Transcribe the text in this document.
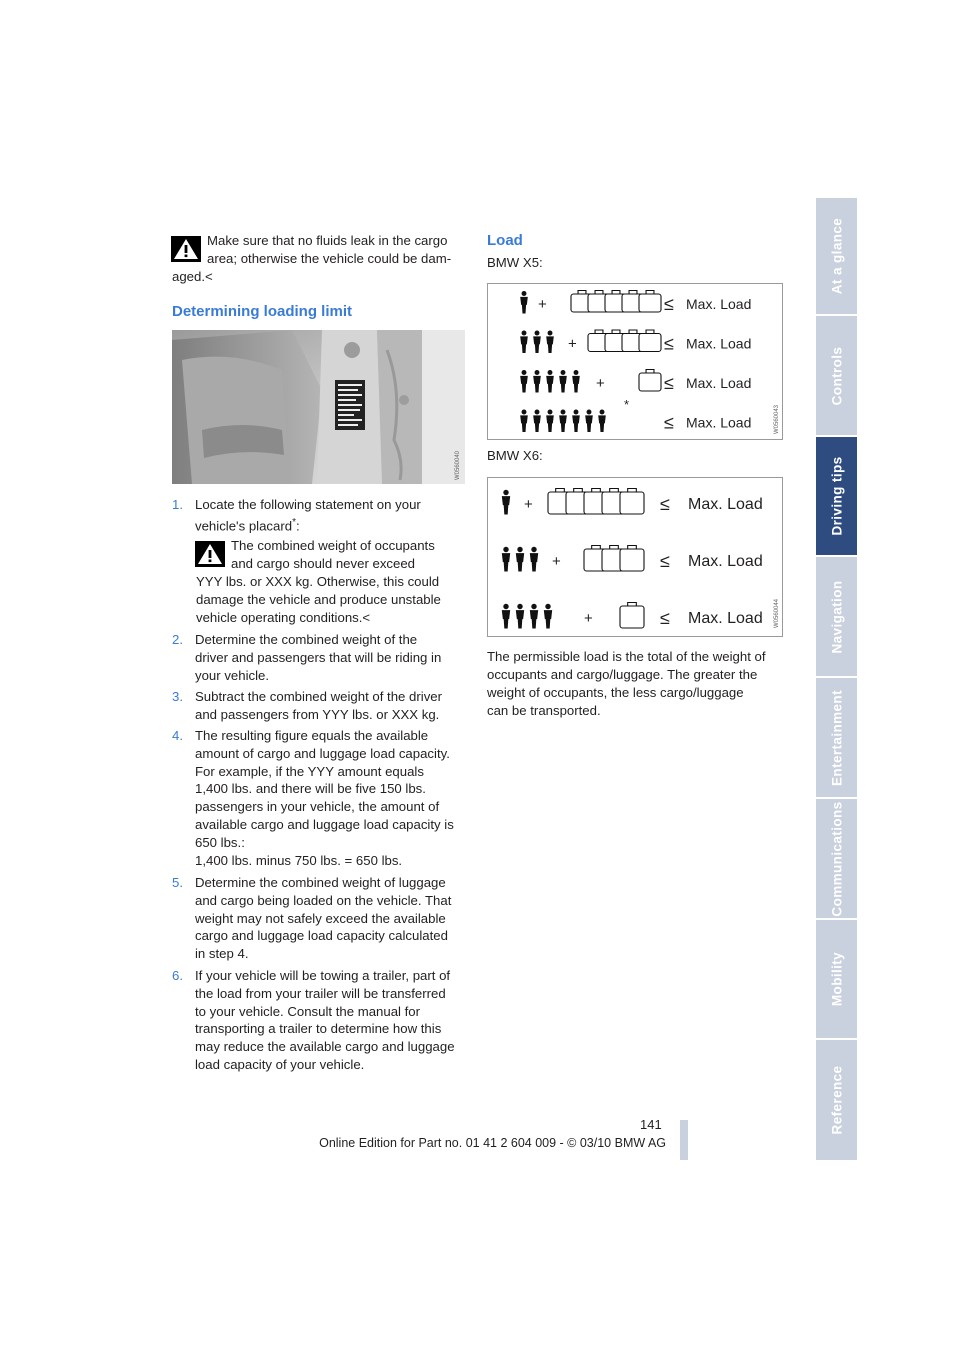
Make sure that no fluids leak in the cargo
area; otherwise the vehicle could be dam-
aged.<
Determining loading limit
W0560040
1. Locate the following statement on your
vehicle's placard*:
The combined weight of occupants
and cargo should never exceed
YYY lbs. or XXX kg. Otherwise, this could
damage the vehicle and produce unstable
vehicle operating conditions.<
2. Determine the combined weight of the
driver and passengers that will be riding in
your vehicle.
3. Subtract the combined weight of the driver
and passengers from YYY lbs. or XXX kg.
4. The resulting figure equals the available
amount of cargo and luggage load capacity.
For example, if the YYY amount equals
1,400 lbs. and there will be five 150 lbs.
passengers in your vehicle, the amount of
available cargo and luggage load capacity is
650 lbs.:
1,400 lbs. minus 750 lbs. = 650 lbs.
5. Determine the combined weight of luggage
and cargo being loaded on the vehicle. That
weight may not safely exceed the available
cargo and luggage load capacity calculated
in step 4.
6. If your vehicle will be towing a trailer, part of
the load from your trailer will be transferred
to your vehicle. Consult the manual for
transporting a trailer to determine how this
may reduce the available cargo and luggage
load capacity of your vehicle.
Load
BMW X5:
+	≤ Max. Load
+	≤ Max. Load
+	≤ Max. Load
≤ Max. Load
*
W0560043
BMW X6:
+	≤ Max. Load
+	≤ Max. Load
+	≤ Max. Load W0560044
The permissible load is the total of the weight of
occupants and cargo/luggage. The greater the
weight of occupants, the less cargo/luggage
can be transported.
141
Online Edition for Part no. 01 41 2 604 009 - © 03/10 BMW AG
At a glance
Controls
Driving tips
Navigation
Entertainment
Communications
Mobility
Reference
